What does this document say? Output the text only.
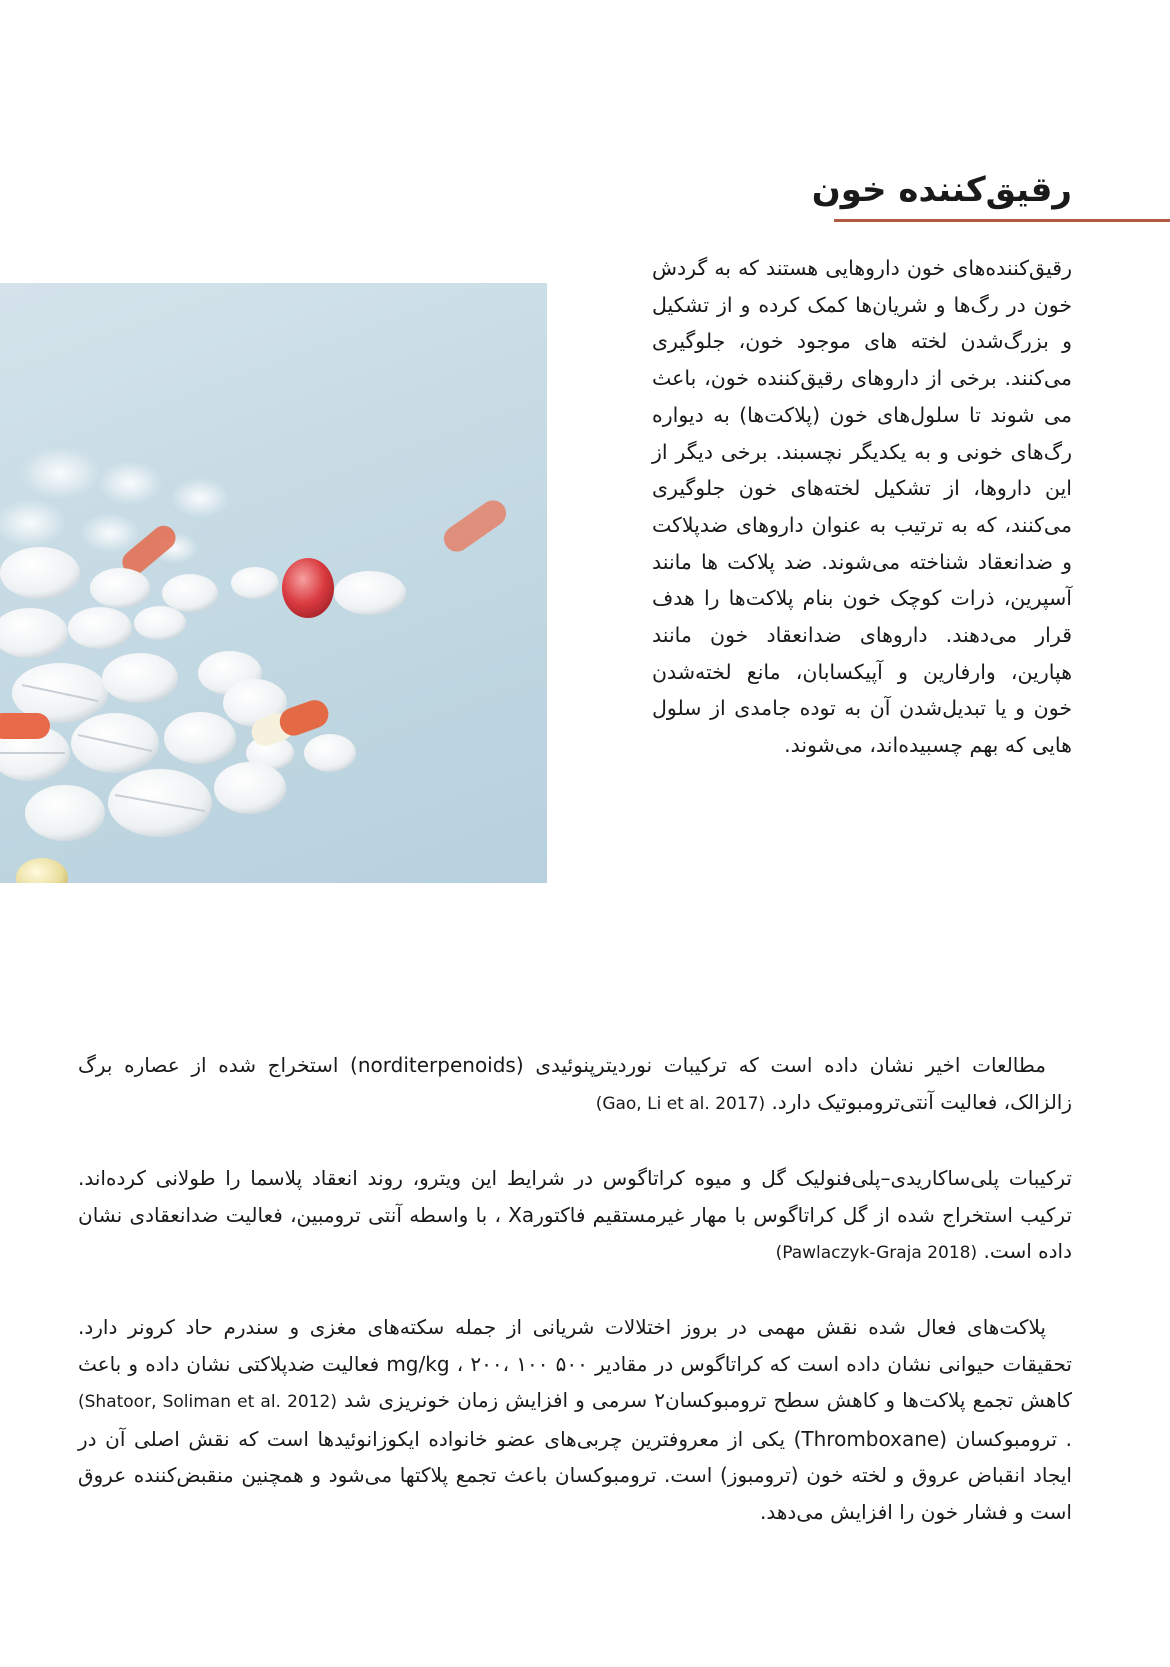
رقیق‌کننده خون

رقیق‌کننده‌های خون داروهایی هستند که به گردش خون در رگ‌ها و شریان‌ها کمک کرده و از تشکیل و بزرگ‌شدن لخته های موجود خون، جلوگیری می‌کنند. برخی از داروهای رقیق‌کننده خون، باعث می شوند تا سلول‌های خون (پلاکت‌ها) به دیواره رگ‌های خونی و به یکدیگر نچسبند. برخی دیگر از این داروها، از تشکیل لخته‌های خون جلوگیری می‌کنند، که به ترتیب به عنوان داروهای ضدپلاکت و ضدانعقاد شناخته می‌شوند. ضد پلاکت ها مانند آسپرین، ذرات کوچک خون بنام پلاکت‌ها را هدف قرار می‌دهند. داروهای ضدانعقاد خون مانند هپارین، وارفارین و آپیکسابان، مانع لخته‌شدن خون و یا تبدیل‌شدن آن به توده جامدی از سلول هایی که بهم چسبیده‌اند، می‌شوند.

مطالعات اخیر نشان داده است که ترکیبات نوردیترپنوئیدی (norditerpenoids) استخراج شده از عصاره برگ زالزالک، فعالیت آنتی‌ترومبوتیک دارد. (Gao, Li et al. 2017)

ترکیبات پلی‌ساکاریدی–پلی‌فنولیک گل و میوه کراتاگوس در شرایط این ویترو، روند انعقاد پلاسما را طولانی کرده‌اند. ترکیب استخراج شده از گل کراتاگوس با مهار غیرمستقیم فاکتورXa ، با واسطه آنتی ترومبین، فعالیت ضدانعقادی نشان داده است. (Pawlaczyk-Graja 2018)

پلاکت‌های فعال شده نقش مهمی در بروز اختلالات شریانی از جمله سکته‌های مغزی و سندرم حاد کرونر دارد. تحقیقات حیوانی نشان داده است که کراتاگوس در مقادیر ۵۰۰ mg/kg ، ۲۰۰، ۱۰۰ فعالیت ضدپلاکتی نشان داده و باعث کاهش تجمع پلاکت‌ها و کاهش سطح ترومبوکسان۲ سرمی و افزایش زمان خونریزی شد (Shatoor, Soliman et al. 2012) . ترومبوکسان (Thromboxane) یکی از معروفترین چربی‌های عضو خانواده ایکوزانوئیدها است که نقش اصلی آن در ایجاد انقباض عروق و لخته خون (ترومبوز) است. ترومبوکسان باعث تجمع پلاکتها می‌شود و همچنین منقبض‌کننده عروق است و فشار خون را افزایش می‌دهد.
